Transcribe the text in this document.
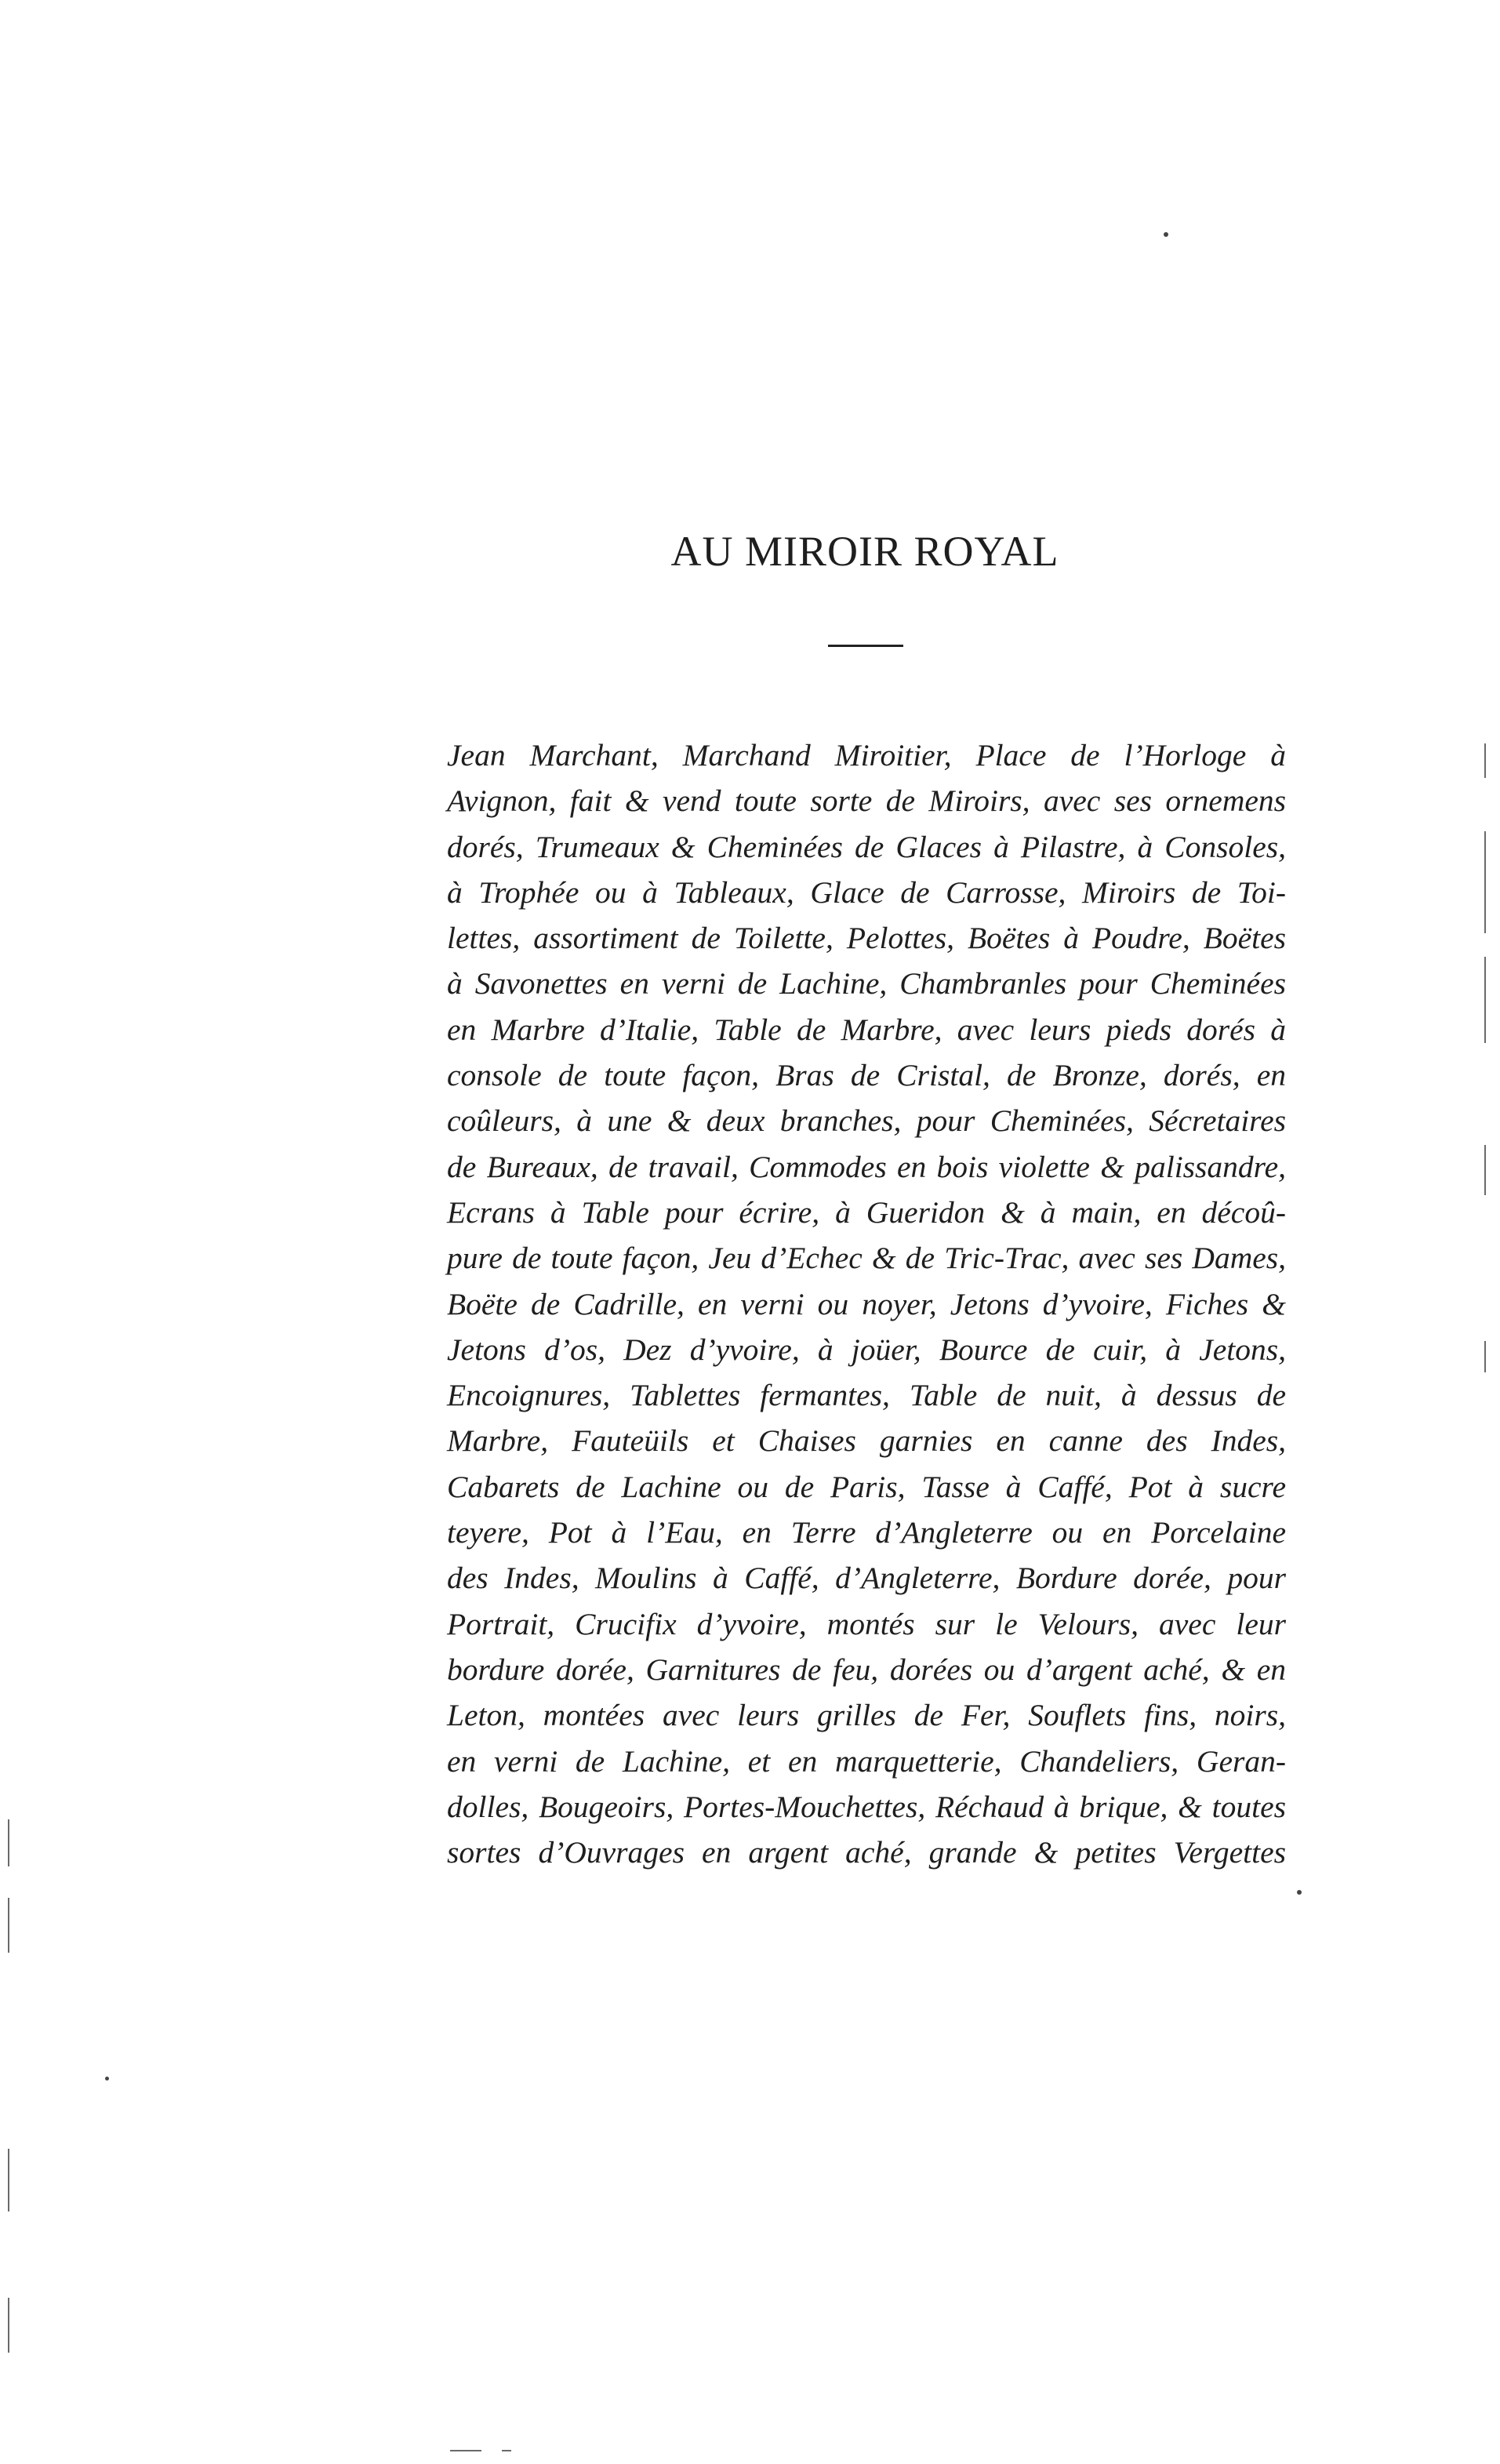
AU MIROIR ROYAL
Jean Marchant, Marchand Miroitier, Place de l’Horloge à
Avignon, fait & vend toute sorte de Miroirs, avec ses ornemens
dorés, Trumeaux & Cheminées de Glaces à Pilastre, à Consoles,
à Trophée ou à Tableaux, Glace de Carrosse, Miroirs de Toi-
lettes, assortiment de Toilette, Pelottes, Boëtes à Poudre, Boëtes
à Savonettes en verni de Lachine, Chambranles pour Cheminées
en Marbre d’Italie, Table de Marbre, avec leurs pieds dorés à
console de toute façon, Bras de Cristal, de Bronze, dorés, en
coûleurs, à une & deux branches, pour Cheminées, Sécretaires
de Bureaux, de travail, Commodes en bois violette & palissandre,
Ecrans à Table pour écrire, à Gueridon & à main, en décoû-
pure de toute façon, Jeu d’Echec & de Tric-Trac, avec ses Dames,
Boëte de Cadrille, en verni ou noyer, Jetons d’yvoire, Fiches &
Jetons d’os, Dez d’yvoire, à joüer, Bource de cuir, à Jetons,
Encoignures, Tablettes fermantes, Table de nuit, à dessus de
Marbre, Fauteüils et Chaises garnies en canne des Indes,
Cabarets de Lachine ou de Paris, Tasse à Caffé, Pot à sucre
teyere, Pot à l’Eau, en Terre d’Angleterre ou en Porcelaine
des Indes, Moulins à Caffé, d’Angleterre, Bordure dorée, pour
Portrait, Crucifix d’yvoire, montés sur le Velours, avec leur
bordure dorée, Garnitures de feu, dorées ou d’argent aché, & en
Leton, montées avec leurs grilles de Fer, Souflets fins, noirs,
en verni de Lachine, et en marquetterie, Chandeliers, Geran-
dolles, Bougeoirs, Portes-Mouchettes, Réchaud à brique, & toutes
sortes d’Ouvrages en argent aché, grande & petites Vergettes
